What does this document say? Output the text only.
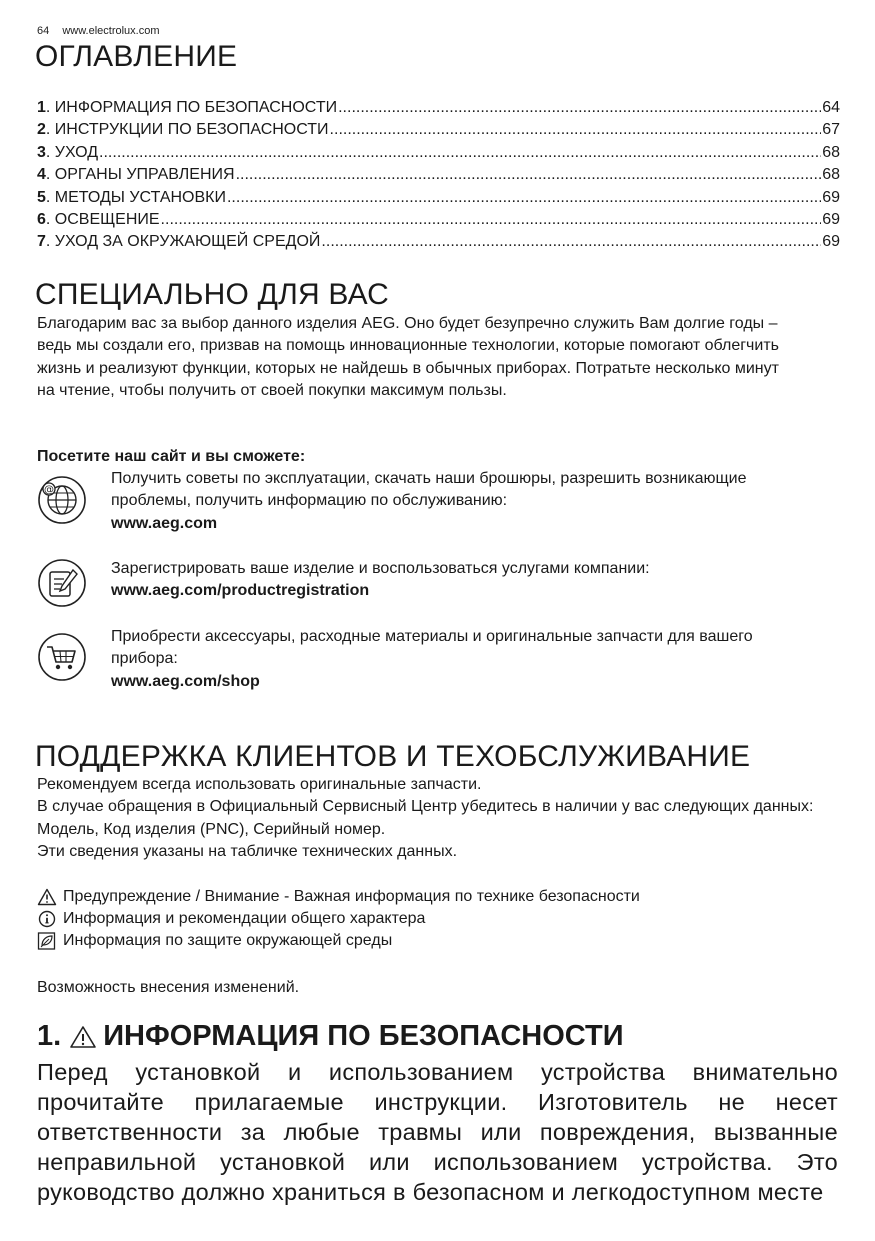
64 www.electrolux.com
ОГЛАВЛЕНИЕ
1 . ИНФОРМАЦИЯ ПО БЕЗОПАСНОСТИ .....	64
2 . ИНСТРУКЦИИ ПО БЕЗОПАСНОСТИ .....	67
3 . УХОД .....	68
4 . ОРГАНЫ УПРАВЛЕНИЯ .....	68
5 . МЕТОДЫ УСТАНОВКИ .....	69
6 . ОСВЕЩЕНИЕ .....	69
7 . УХОД ЗА ОКРУЖАЮЩЕЙ СРЕДОЙ .....	69
СПЕЦИАЛЬНО ДЛЯ ВАС

Благодарим вас за выбор данного изделия AEG. Оно будет безупречно служить Вам долгие годы – ведь мы создали его, призвав на помощь инновационные технологии, которые помогают облегчить жизнь и реализуют функции, которых не найдешь в обычных приборах. Потратьте несколько минут на чтение, чтобы получить от своей покупки максимум пользы.

Посетите наш сайт и вы сможете:
@
Получить советы по эксплуатации, скачать наши брошюры, разрешить возникающие проблемы, получить информацию по обслуживанию:
www.aeg.com
Зарегистрировать ваше изделие и воспользоваться услугами компании:
www.aeg.com/productregistration
Приобрести аксессуары, расходные материалы и оригинальные запчасти для вашего прибора:
www.aeg.com/shop
ПОДДЕРЖКА КЛИЕНТОВ И ТЕХОБСЛУЖИВАНИЕ
Рекомендуем всегда использовать оригинальные запчасти.
В случае обращения в Официальный Сервисный Центр убедитесь в наличии у вас следующих данных: Модель, Код изделия (PNC), Серийный номер.
Эти сведения указаны на табличке технических данных.
Предупреждение / Внимание - Важная информация по технике безопасности
Информация и рекомендации общего характера
Информация по защите окружающей среды

Возможность внесения изменений.

1. ИНФОРМАЦИЯ ПО БЕЗОПАСНОСТИ

Перед установкой и использованием устройства внимательно прочитайте прилагаемые инструкции. Изготовитель не несет ответственности за любые травмы или повреждения, вызванные неправильной установкой или использованием устройства. Это руководство должно храниться в безопасном и легкодоступном месте
